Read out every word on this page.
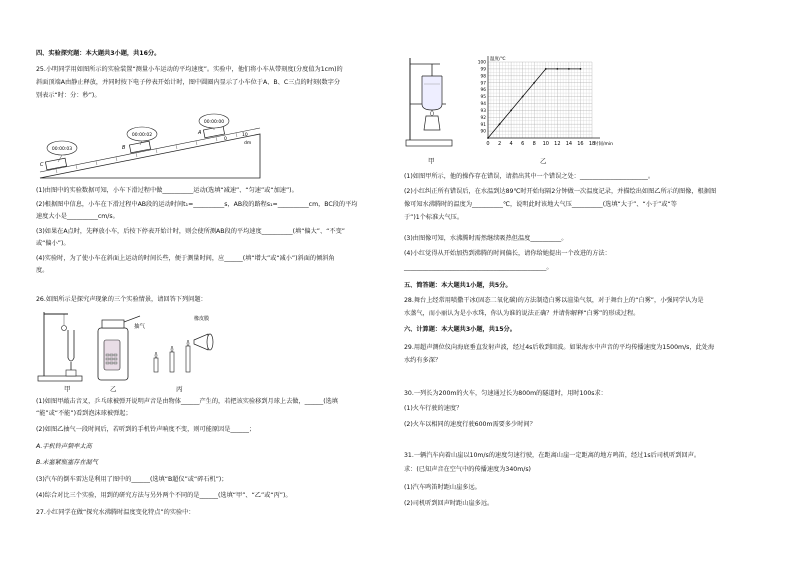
四、实验探究题：本大题共3小题，共16分。
25.小明同学用如图所示的实验装置“测量小车运动的平均速度”。实验中，他们将小车从带刻度(分度值为1cm)的
斜面顶端A由静止释放，并同时按下电子停表开始计时，图中圆圈内显示了小车位于A、B、C三点的时刻(数字分
别表示“时：分：秒”)。
00:00:03
00:00:02
00:00:00
C
B
A
0
10
dm
(1)由图中的实验数据可知，小车下滑过程中做__________运动(选填“减速”、“匀速”或“加速”)。
(2)根据图中信息，小车在下滑过程中AB段的运动时间t₁=__________s，AB段的路程s₁=__________cm，BC段的平均
速度大小是__________cm/s。
(3)如果在A点时，先释放小车，后按下停表开始计时，则会使所测AB段的平均速度__________(填“偏大”、“不变”
或“偏小”)。
(4)实验时，为了使小车在斜面上运动的时间长些，便于测量时间，应______(填“增大”或“减小”)斜面的倾斜角
度。
26.如图所示是探究声现象的三个实验情景，请回答下列问题：
抽气
橡皮膜
甲	乙	丙
(1)如图甲敲击音叉，乒乓球被弹开说明声音是由物体______产生的，若把该实验移到月球上去做，______(选填
“能”或“不能”)看到泡沫球被弹起；
(2)如图乙抽气一段时间后，若听到的手机铃声响度不变，则可能原因是______；
A.手机铃声频率太高
B.未塞紧瓶塞存在漏气
(3)汽车的倒车雷达是利用了图中的______(选填“B超仪”或“碎石机”)；
(4)综合对比三个实验，用到的研究方法与另外两个不同的是______(选填“甲”、“乙”或“丙”)。
27.小红同学在做“探究水沸腾时温度变化特点”的实验中：
甲
100
99
98
97
96
95
94
93
92
91
90
0 2 4 6 8 10 12 14 16 18
温度/℃
时间/min
乙
(1)如图甲所示，他的操作存在错误，请指出其中一个错误之处：______________________。
(2)小红纠正所有错误后，在水温到达89℃时开始每隔2分钟做一次温度记录，并描绘出如图乙所示的图像，根据图
像可知水沸腾时的温度为__________℃，说明此时该地大气压__________(选填“大于”、“小于”或“等
于”)1个标准大气压。
(3)由图像可知，水沸腾时需然继续吸热但温度__________。
(4)小红觉得从开始加热到沸腾的时间偏长，请你给她提出一个改进的方法：
______________________________________________。
五、简答题：本大题共1小题，共5分。
28.舞台上经常用喷撒干冰(固态二氧化碳)的方法制造白雾以渲染气氛，对于舞台上的“白雾”，小强同学认为是
水蒸气，而小丽认为是小水珠，你认为谁的说法正确？并请你解释“白雾”的形成过程。
六、计算题：本大题共3小题，共15分。
29.用超声测位仪向海底垂直发射声波，经过4s后收到回波。如果海水中声音的平均传播速度为1500m/s，此处海
水约有多深？
30.一列长为200m的火车，匀速通过长为800m的隧道时，用时100s求：
(1)火车行驶的速度？
(2)火车以相同的速度行驶600m需要多少时间？
31.一辆汽车向着山崖以10m/s的速度匀速行驶，在距离山崖一定距离的地方鸣笛，经过1s后司机听到回声。
求：(已知声音在空气中的传播速度为340m/s)
(1)汽车鸣笛时距山崖多远。
(2)司机听到回声时距山崖多远。
